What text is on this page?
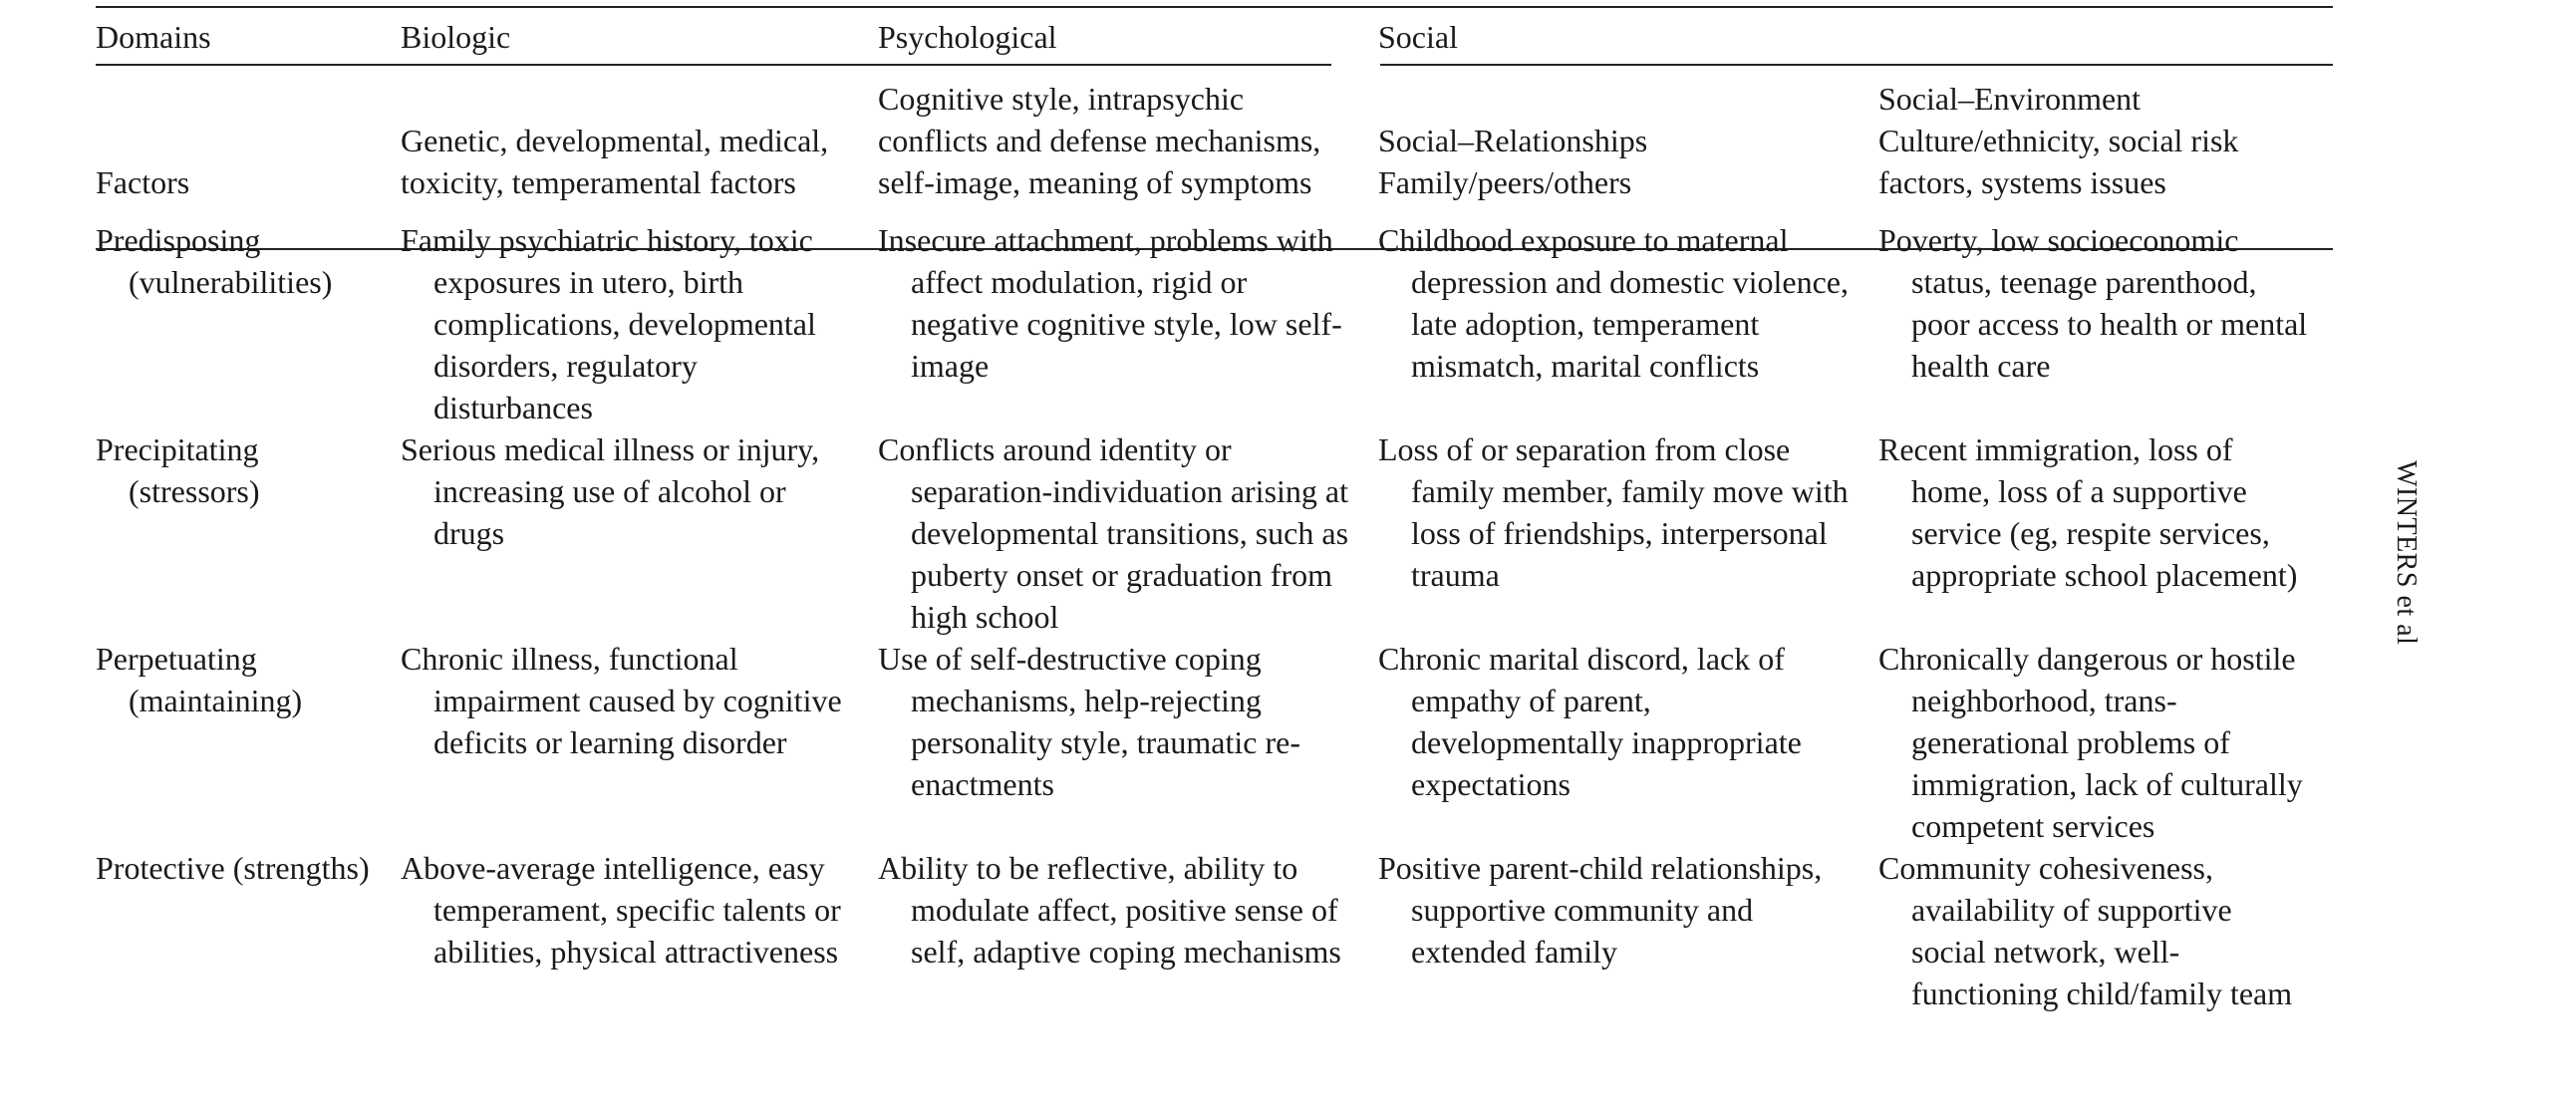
Domains	Biologic	Psychological	Social	
Factors	Genetic, developmental, medical, toxicity, temperamental factors	Cognitive style, intrapsychic conflicts and defense mechanisms, self-image, meaning of symptoms	Social–Relationships Family/peers/others	Social–Environment Culture/ethnicity, social risk factors, systems issues

Predisposing (vulnerabilities)	Family psychiatric history, toxic exposures in utero, birth complications, developmental disorders, regulatory disturbances	Insecure attachment, problems with affect modulation, rigid or negative cognitive style, low self-image	Childhood exposure to maternal depression and domestic violence, late adoption, temperament mismatch, marital conflicts	Poverty, low socioeconomic status, teenage parenthood, poor access to health or mental health care

Precipitating (stressors)	Serious medical illness or injury, increasing use of alcohol or drugs	Conflicts around identity or separation-individuation arising at developmental transitions, such as puberty onset or graduation from high school	Loss of or separation from close family member, family move with loss of friendships, interpersonal trauma	Recent immigration, loss of home, loss of a supportive service (eg, respite services, appropriate school placement)

Perpetuating (maintaining)	Chronic illness, functional impairment caused by cognitive deficits or learning disorder	Use of self-destructive coping mechanisms, help-rejecting personality style, traumatic re-enactments	Chronic marital discord, lack of empathy of parent, developmentally inappropriate expectations	Chronically dangerous or hostile neighborhood, trans-generational problems of immigration, lack of culturally competent services

Protective (strengths)	Above-average intelligence, easy temperament, specific talents or abilities, physical attractiveness	Ability to be reflective, ability to modulate affect, positive sense of self, adaptive coping mechanisms	Positive parent-child relationships, supportive community and extended family	Community cohesiveness, availability of supportive social network, well-functioning child/family team
WINTERS et al
